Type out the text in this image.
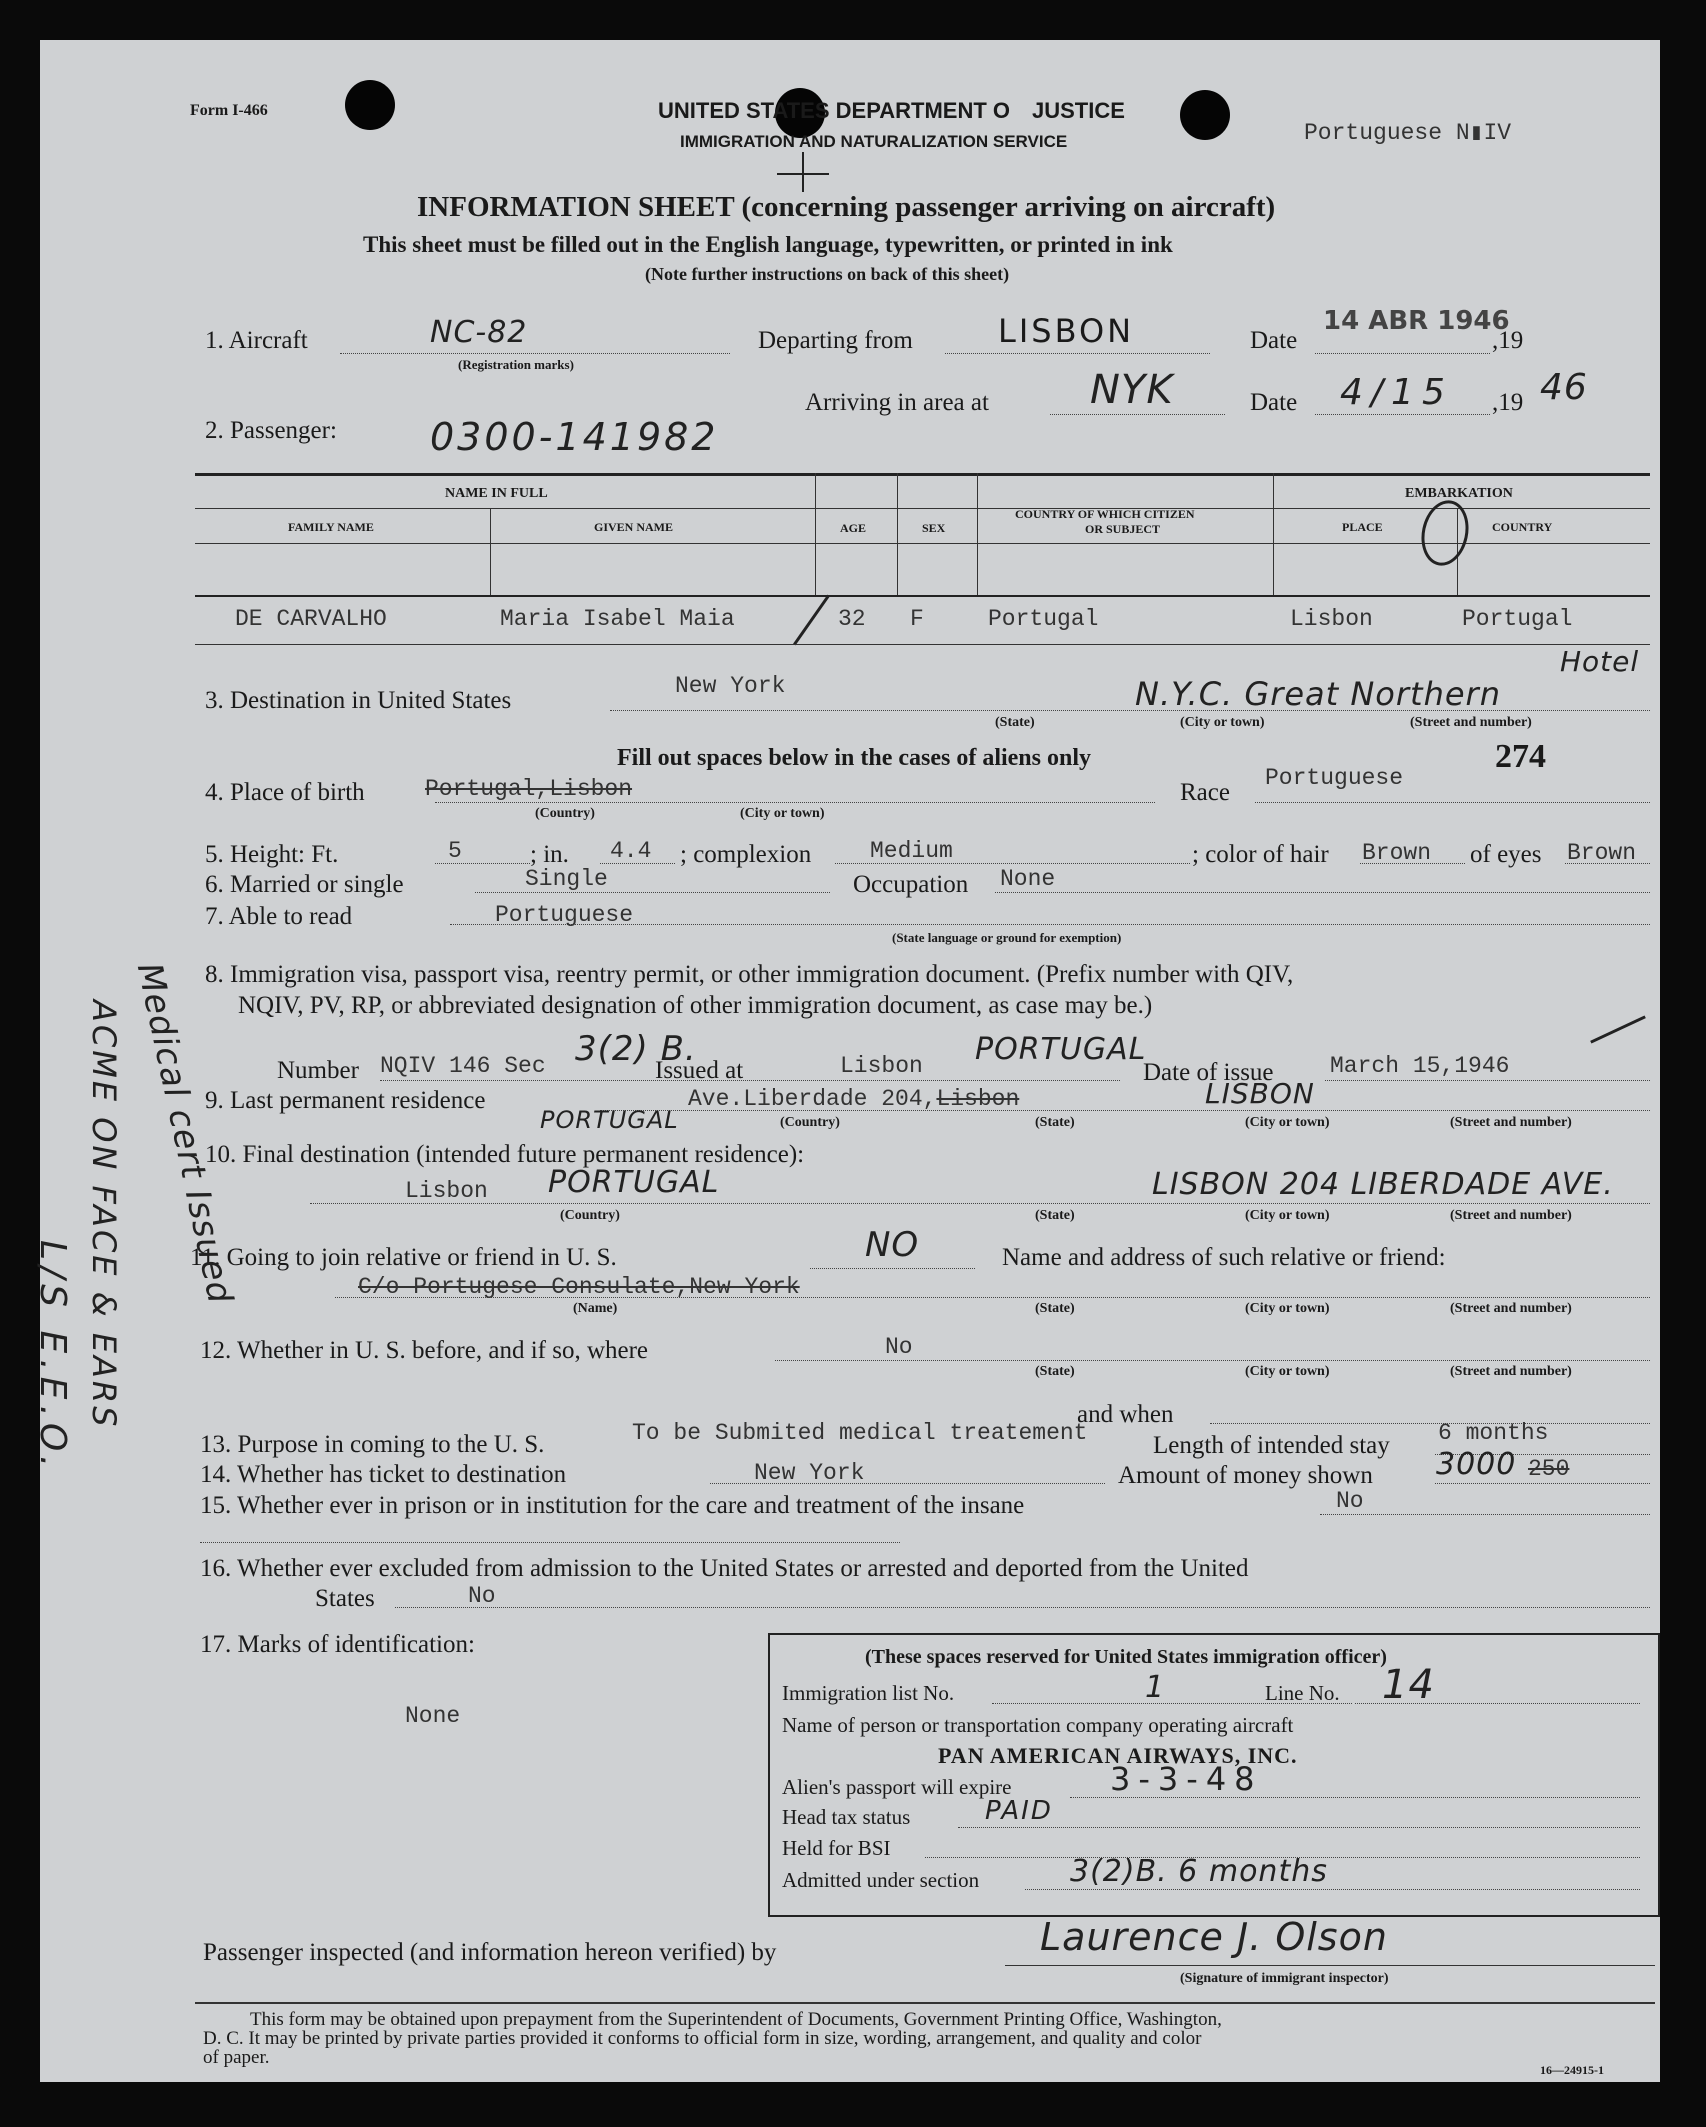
Form I-466	UNITED STATES DEPARTMENT O JUSTICE
IMMIGRATION AND NATURALIZATION SERVICE	Portuguese N▮IV
INFORMATION SHEET (concerning passenger arriving on aircraft)
This sheet must be filled out in the English language, typewritten, or printed in ink
(Note further instructions on back of this sheet)
1. Aircraft	NC-82
(Registration marks)
Departing from	LISBON	Date
14 ABR 1946
,19
Arriving in area at	NYK	Date 4/15 ,19 46
2. Passenger: 0300-141982
NAME IN FULL
FAMILY NAME	GIVEN NAME	AGE	SEX
COUNTRY OF WHICH CITIZEN
OR SUBJECT
EMBARKATION
PLACE	COUNTRY
DE CARVALHO	Maria Isabel Maia	32 F	Portugal	Lisbon	Portugal
3. Destination in United States
New York	N.Y.C. Great Northern
Hotel
(State)	(City or town)	(Street and number)
Fill out spaces below in the cases of aliens only	274
4. Place of birth	Portugal,Lisbon
(Country)	(City or town)
Race
Portuguese
5. Height: Ft.	5	; in. 4.4 ; complexion	Medium	; color of hair Brown of eyes Brown
6. Married or single	Single	Occupation None
7. Able to read	Portuguese
(State language or ground for exemption)
8. Immigration visa, passport visa, reentry permit, or other immigration document. (Prefix number with QIV,
NQIV, PV, RP, or abbreviated designation of other immigration document, as case may be.)
Number NQIV 146 Sec 3(2) B.
Issued at	Lisbon PORTUGAL
Date of issue March 15,1946
9. Last permanent residence	Ave.Liberdade 204,Lisbon	LISBON
PORTUGAL	(Country)	(State)	(City or town)	(Street and number)
10. Final destination (intended future permanent residence):
Lisbon PORTUGAL	LISBON 204 LIBERDADE AVE.
(Country)	(State)	(City or town)	(Street and number)
11. Going to join relative or friend in U. S.	NO	Name and address of such relative or friend:
C/o Portugese Consulate,New York
(Name)	(State)	(City or town)	(Street and number)
12. Whether in U. S. before, and if so, where	No
(State)	(City or town)	(Street and number)
and when
13. Purpose in coming to the U. S.	To be Submited medical treatement	Length of intended stay 6 months
14. Whether has ticket to destination	New York	Amount of money shown 3000 250
15. Whether ever in prison or in institution for the care and treatment of the insane	No
16. Whether ever excluded from admission to the United States or arrested and deported from the United
States	No
17. Marks of identification:
None
(These spaces reserved for United States immigration officer)
Immigration list No.	1	Line No. 14
Name of person or transportation company operating aircraft
PAN AMERICAN AIRWAYS, INC.
Alien's passport will expire	3-3-48
Head tax status	PAID
Held for BSI
Admitted under section	3(2)B. 6 months
Passenger inspected (and information hereon verified) by	Laurence J. Olson
(Signature of immigrant inspector)
Medical cert Issued
ACME ON FACE & EARS
L/S E.E.O.
This form may be obtained upon prepayment from the Superintendent of Documents, Government Printing Office, Washington,
D. C. It may be printed by private parties provided it conforms to official form in size, wording, arrangement, and quality and color
of paper.
16—24915-1
